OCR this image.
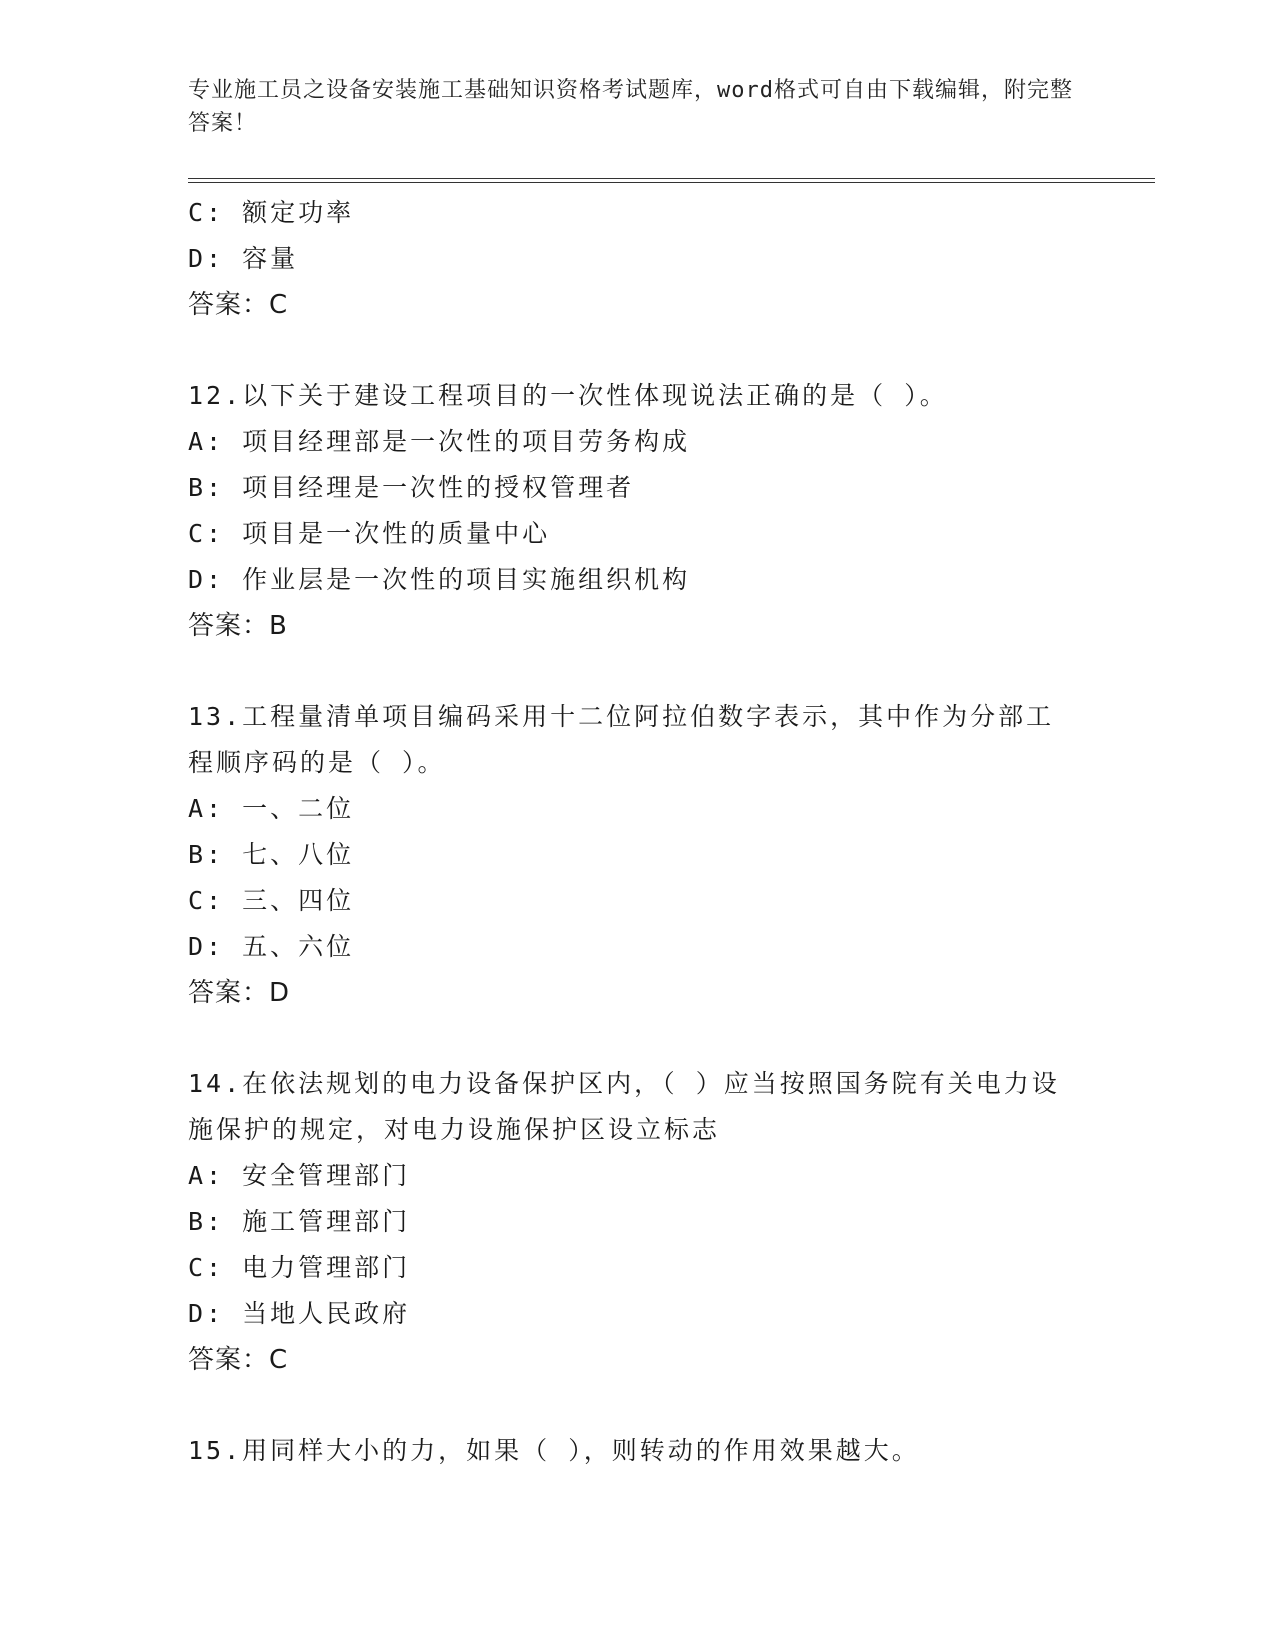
专业施工员之设备安装施工基础知识资格考试题库，word格式可自由下载编辑，附完整答案！
C: 额定功率
D: 容量
答案：C
12.以下关于建设工程项目的一次性体现说法正确的是（ ）。
A: 项目经理部是一次性的项目劳务构成
B: 项目经理是一次性的授权管理者
C: 项目是一次性的质量中心
D: 作业层是一次性的项目实施组织机构
答案：B
13.工程量清单项目编码采用十二位阿拉伯数字表示，其中作为分部工程顺序码的是（ ）。
A: 一、二位
B: 七、八位
C: 三、四位
D: 五、六位
答案：D
14.在依法规划的电力设备保护区内，（ ）应当按照国务院有关电力设施保护的规定，对电力设施保护区设立标志
A: 安全管理部门
B: 施工管理部门
C: 电力管理部门
D: 当地人民政府
答案：C
15.用同样大小的力，如果（ ），则转动的作用效果越大。
